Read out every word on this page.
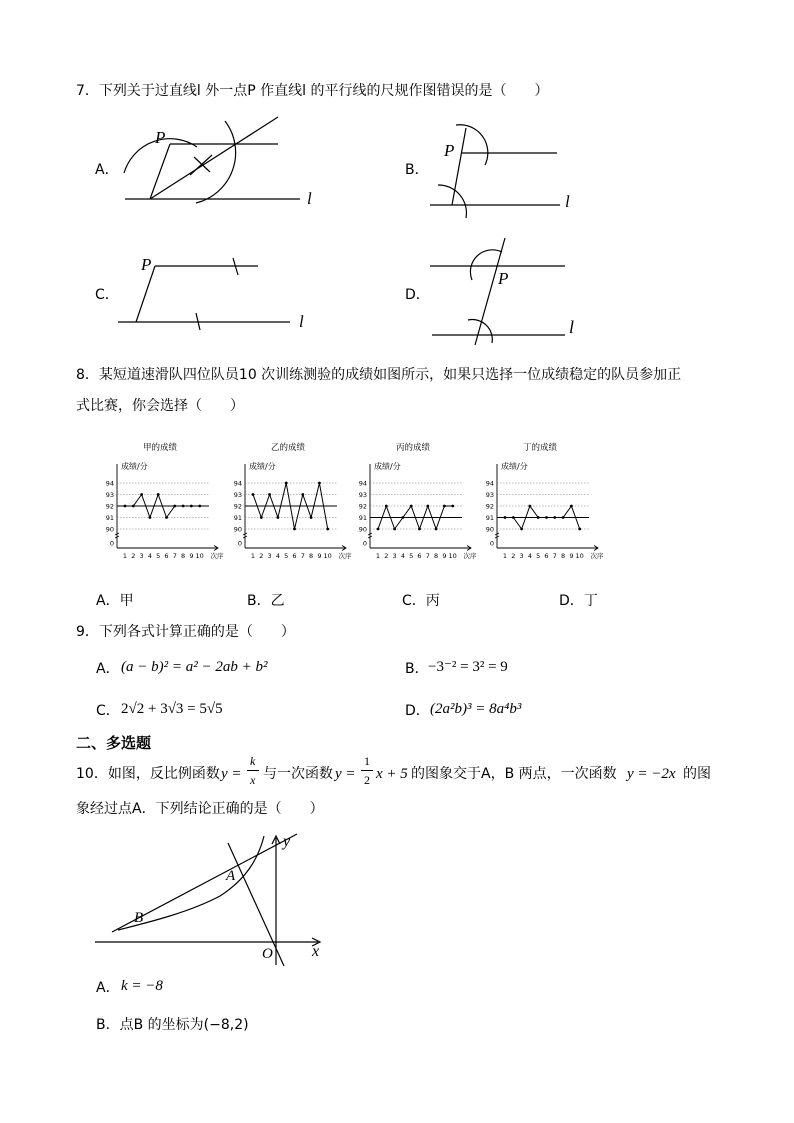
7．下列关于过直线l 外一点P 作直线l 的平行线的尺规作图错误的是（　　）
A．	B．
C．	D．
P
l
P
l
P
l
P
l
8．某短道速滑队四位队员10 次训练测验的成绩如图所示，如果只选择一位成绩稳定的队员参加正
式比赛，你会选择（　　）
甲的成绩
成绩/分
0
90
91
92
93
94
1 2 3 4 5 6 7 8 9 10 次序
乙的成绩
成绩/分
0
90
91
92
93
94
1 2 3 4 5 6 7 8 9 10 次序
丙的成绩
成绩/分
0
90
91
92
93
94
1 2 3 4 5 6 7 8 9 10 次序
丁的成绩
成绩/分
0
90
91
92
93
94
1 2 3 4 5 6 7 8 9 10 次序
A．甲	B．乙	C．丙	D．丁
9．下列各式计算正确的是（　　）
A． (a − b)² = a² − 2ab + b²	B． −3⁻² = 3² = 9
C． 2√2 + 3√3 = 5√5	D． (2a²b)³ = 8a⁴b³
二、多选题
10．如图，反比例函数 y =
k
x 与一次函数 y =
1
2 x + 5 的图象交于A，B 两点，一次函数 y = −2x 的图
象经过点A．下列结论正确的是（　　）
A
B
O x
y
A． k = −8
B．点B 的坐标为(−8,2)
